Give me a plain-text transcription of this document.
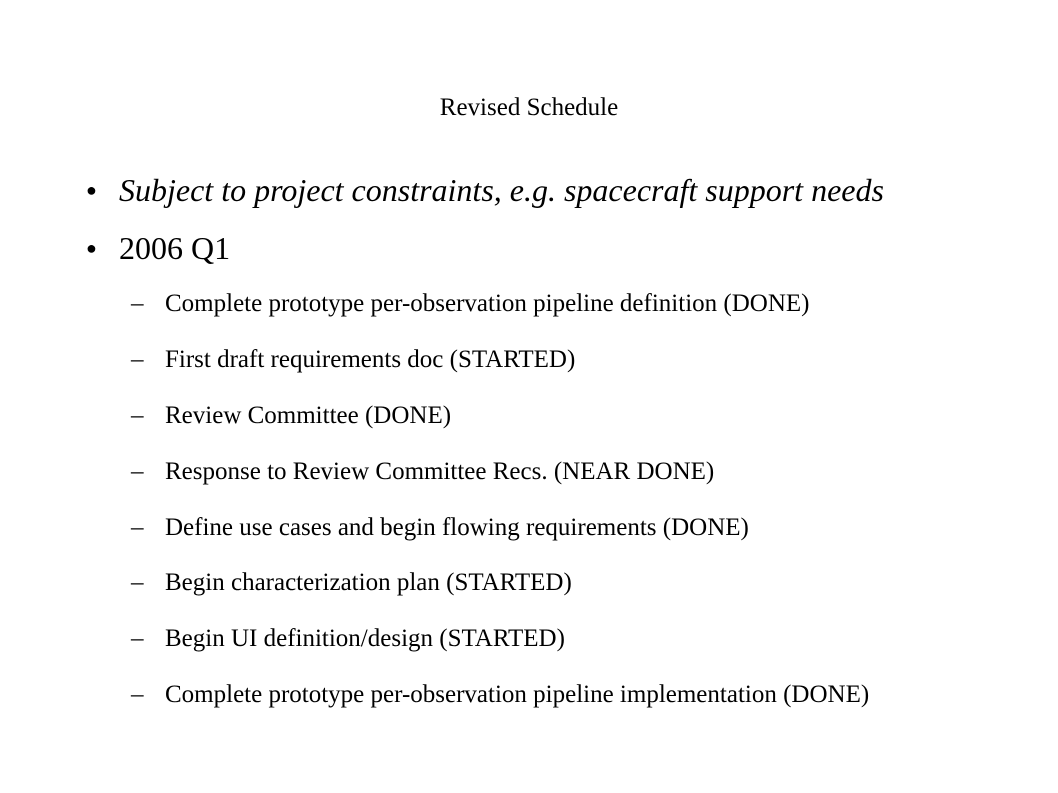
Revised Schedule
● Subject to project constraints, e.g. spacecraft support needs
● 2006 Q1
– Complete prototype per-observation pipeline definition (DONE)
– First draft requirements doc (STARTED)
– Review Committee (DONE)
– Response to Review Committee Recs. (NEAR DONE)
– Define use cases and begin flowing requirements (DONE)
– Begin characterization plan (STARTED)
– Begin UI definition/design (STARTED)
– Complete prototype per-observation pipeline implementation (DONE)
